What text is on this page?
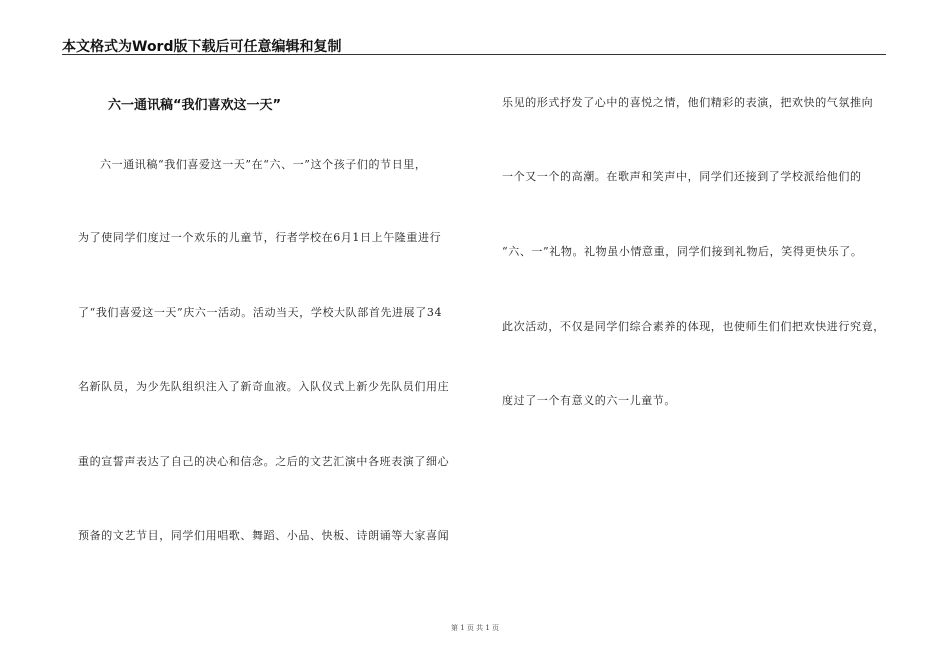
本文格式为Word版下载后可任意编辑和复制
六一通讯稿“我们喜欢这一天”
六一通讯稿“我们喜爱这一天”在“六、一”这个孩子们的节日里，
为了使同学们度过一个欢乐的儿童节，行者学校在6月1日上午隆重进行
了“我们喜爱这一天”庆六一活动。活动当天，学校大队部首先进展了34
名新队员，为少先队组织注入了新奇血液。入队仪式上新少先队员们用庄
重的宣誓声表达了自己的决心和信念。之后的文艺汇演中各班表演了细心
预备的文艺节目，同学们用唱歌、舞蹈、小品、快板、诗朗诵等大家喜闻
乐见的形式抒发了心中的喜悦之情，他们精彩的表演，把欢快的气氛推向
一个又一个的高潮。在歌声和笑声中，同学们还接到了学校派给他们的
“六、一”礼物。礼物虽小情意重，同学们接到礼物后，笑得更快乐了。
此次活动，不仅是同学们综合素养的体现，也使师生们们把欢快进行究竟，
度过了一个有意义的六一儿童节。
第 1 页 共 1 页
